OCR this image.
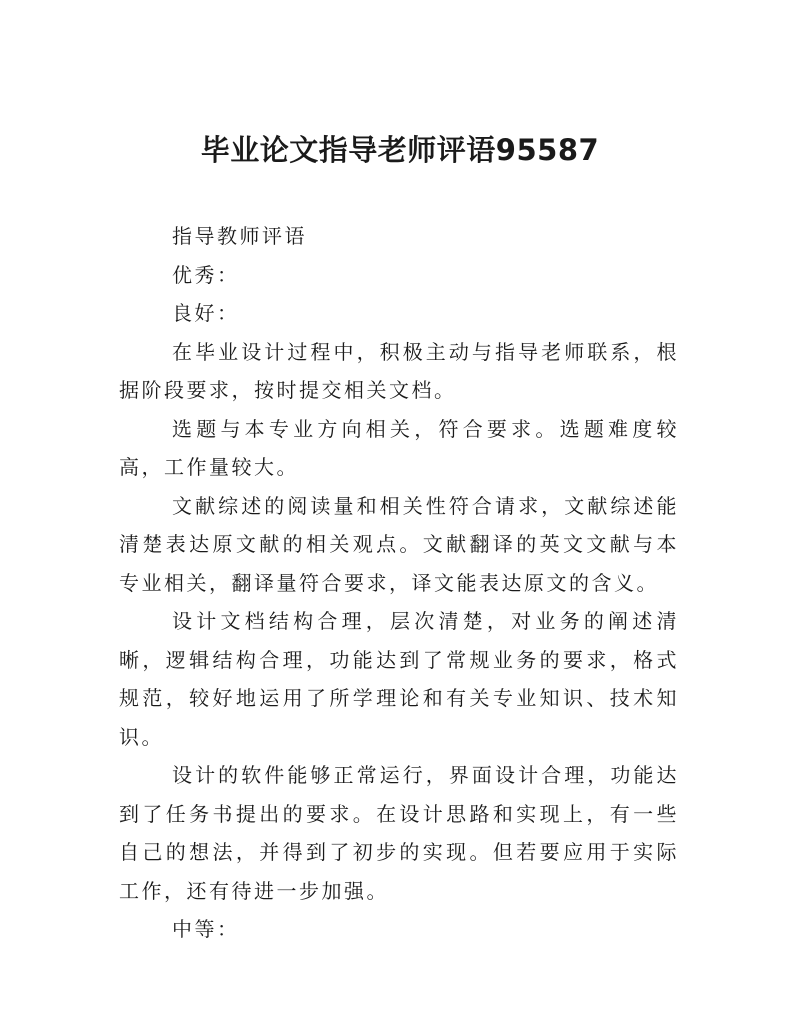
毕业论文指导老师评语95587

指导教师评语

优秀：

良好：

在毕业设计过程中，积极主动与指导老师联系，根据阶段要求，按时提交相关文档。

选题与本专业方向相关，符合要求。选题难度较高，工作量较大。

文献综述的阅读量和相关性符合请求，文献综述能清楚表达原文献的相关观点。文献翻译的英文文献与本专业相关，翻译量符合要求，译文能表达原文的含义。

设计文档结构合理，层次清楚，对业务的阐述清晰，逻辑结构合理，功能达到了常规业务的要求，格式规范，较好地运用了所学理论和有关专业知识、技术知识。

设计的软件能够正常运行，界面设计合理，功能达到了任务书提出的要求。在设计思路和实现上，有一些自己的想法，并得到了初步的实现。但若要应用于实际工作，还有待进一步加强。

中等：
